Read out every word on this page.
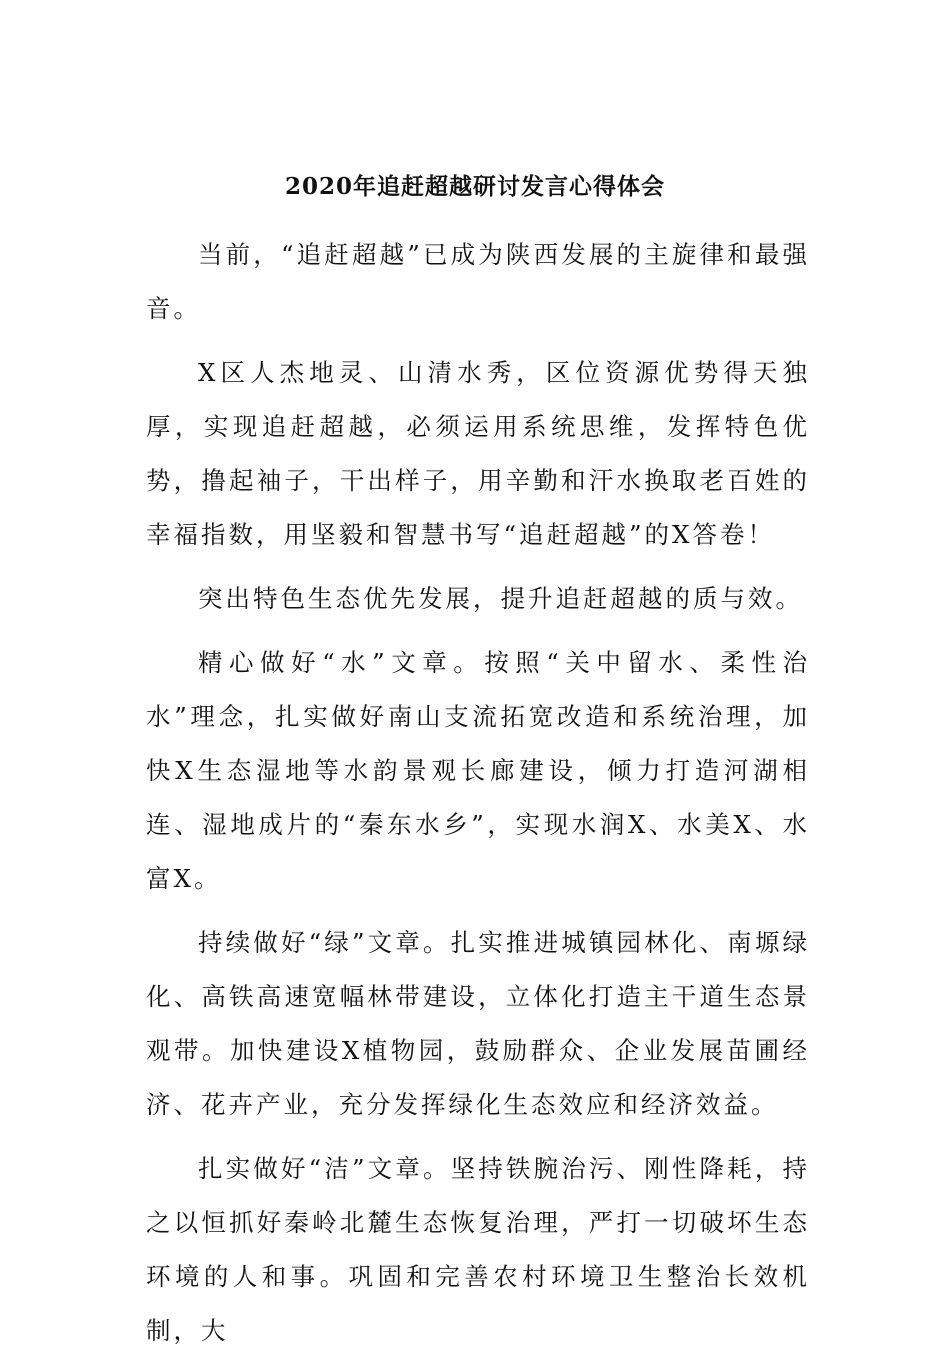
2020年追赶超越研讨发言心得体会

当前，“追赶超越”已成为陕西发展的主旋律和最强音。

X区人杰地灵、山清水秀，区位资源优势得天独厚，实现追赶超越，必须运用系统思维，发挥特色优势，撸起袖子，干出样子，用辛勤和汗水换取老百姓的幸福指数，用坚毅和智慧书写“追赶超越”的X答卷！

突出特色生态优先发展，提升追赶超越的质与效。

精心做好“水”文章。按照“关中留水、柔性治水”理念，扎实做好南山支流拓宽改造和系统治理，加快X生态湿地等水韵景观长廊建设，倾力打造河湖相连、湿地成片的“秦东水乡”，实现水润X、水美X、水富X。

持续做好“绿”文章。扎实推进城镇园林化、南塬绿化、高铁高速宽幅林带建设，立体化打造主干道生态景观带。加快建设X植物园，鼓励群众、企业发展苗圃经济、花卉产业，充分发挥绿化生态效应和经济效益。

扎实做好“洁”文章。坚持铁腕治污、刚性降耗，持之以恒抓好秦岭北麓生态恢复治理，严打一切破坏生态环境的人和事。巩固和完善农村环境卫生整治长效机制，大
